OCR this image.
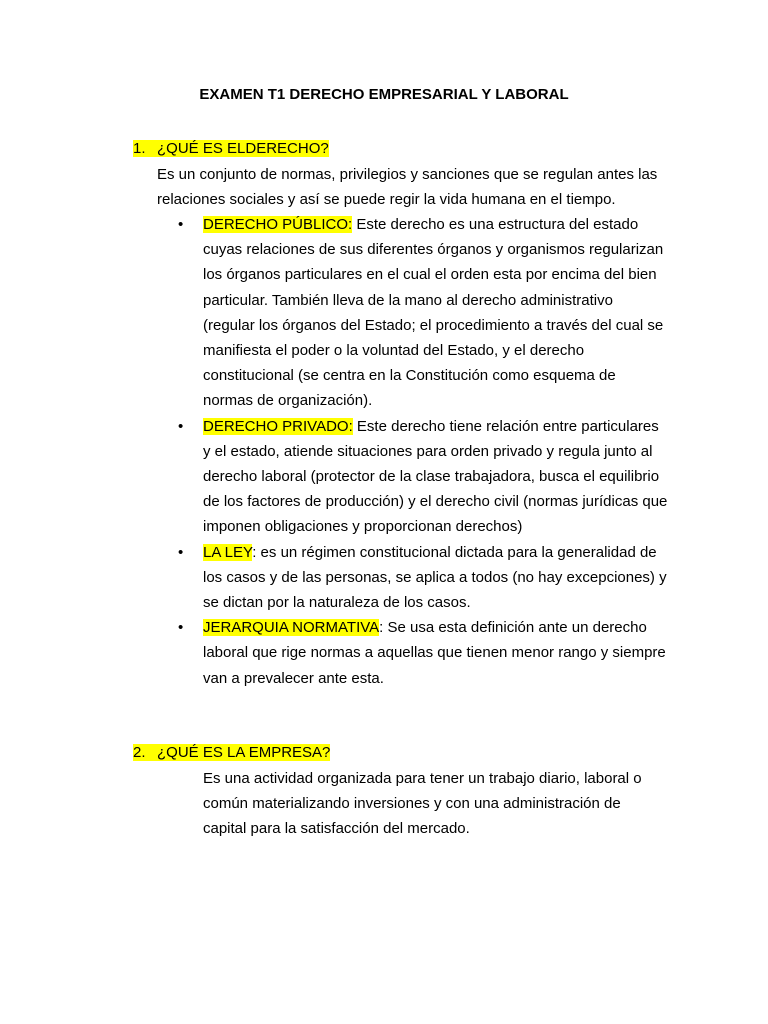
EXAMEN T1 DERECHO EMPRESARIAL Y LABORAL
1. ¿QUÉ ES ELDERECHO?
Es un conjunto de normas, privilegios y sanciones que se regulan antes las relaciones sociales y así se puede regir la vida humana en el tiempo.
•	DERECHO PÚBLICO: Este derecho es una estructura del estado cuyas relaciones de sus diferentes órganos y organismos regularizan los órganos particulares en el cual el orden esta por encima del bien particular. También lleva de la mano al derecho administrativo (regular los órganos del Estado; el procedimiento a través del cual se manifiesta el poder o la voluntad del Estado, y el derecho constitucional (se centra en la Constitución como esquema de normas de organización).
•	DERECHO PRIVADO: Este derecho tiene relación entre particulares y el estado, atiende situaciones para orden privado y regula junto al derecho laboral (protector de la clase trabajadora, busca el equilibrio de los factores de producción) y el derecho civil (normas jurídicas que imponen obligaciones y proporcionan derechos)
•	LA LEY: es un régimen constitucional dictada para la generalidad de los casos y de las personas, se aplica a todos (no hay excepciones) y se dictan por la naturaleza de los casos.
•	JERARQUIA NORMATIVA: Se usa esta definición ante un derecho laboral que rige normas a aquellas que tienen menor rango y siempre van a prevalecer ante esta.
2. ¿QUÉ ES LA EMPRESA?
Es una actividad organizada para tener un trabajo diario, laboral o común materializando inversiones y con una administración de capital para la satisfacción del mercado.
